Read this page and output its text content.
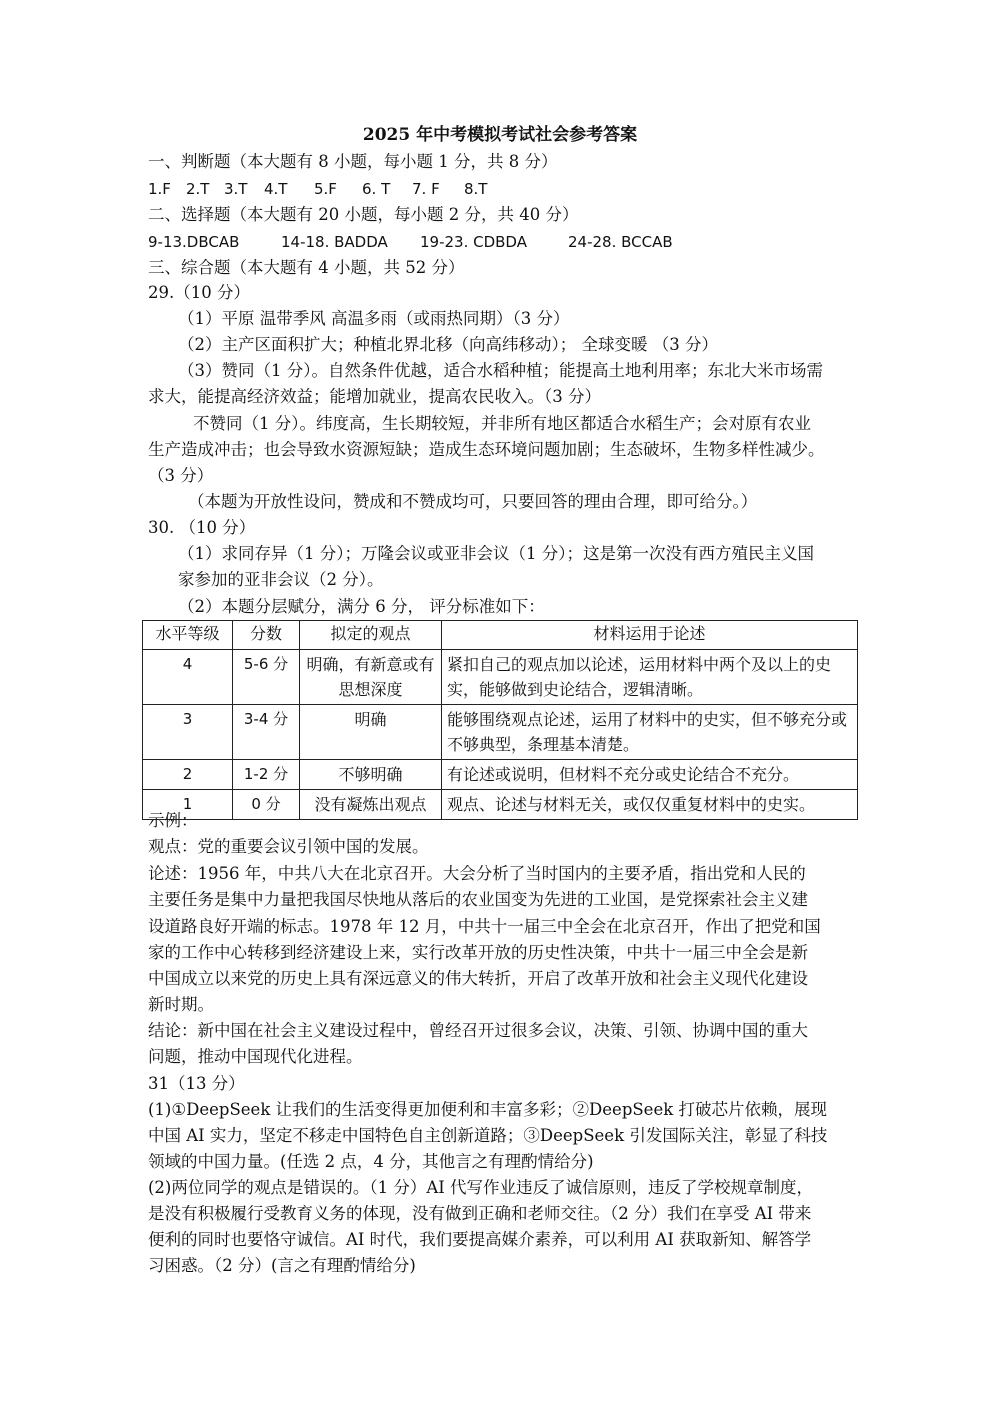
2025 年中考模拟考试社会参考答案
一、判断题（本大题有 8 小题，每小题 1 分，共 8 分）
1.F 2.T 3.T 4.T 5.F 6. T 7. F 8.T
二、选择题（本大题有 20 小题，每小题 2 分，共 40 分）
9-13.DBCAB	14-18. BADDA 19-23. CDBDA	24-28. BCCAB
三、综合题（本大题有 4 小题，共 52 分）
29.（10 分）
（1）平原 温带季风 高温多雨（或雨热同期）（3 分）
（2）主产区面积扩大；种植北界北移（向高纬移动）； 全球变暖 （3 分）
（3）赞同（1 分）。自然条件优越，适合水稻种植；能提高土地利用率；东北大米市场需
求大，能提高经济效益；能增加就业，提高农民收入。（3 分）
不赞同（1 分）。纬度高，生长期较短，并非所有地区都适合水稻生产；会对原有农业
生产造成冲击；也会导致水资源短缺；造成生态环境问题加剧；生态破坏，生物多样性减少。
（3 分）
（本题为开放性设问，赞成和不赞成均可，只要回答的理由合理，即可给分。）
30. （10 分）
（1）求同存异（1 分）；万隆会议或亚非会议（1 分）；这是第一次没有西方殖民主义国
家参加的亚非会议（2 分）。
（2）本题分层赋分，满分 6 分， 评分标准如下：
水平等级	分数	拟定的观点	材料运用于论述
4	5-6 分	明确，有新意或有思想深度	紧扣自己的观点加以论述，运用材料中两个及以上的史实，能够做到史论结合，逻辑清晰。
3	3-4 分	明确	能够围绕观点论述，运用了材料中的史实，但不够充分或不够典型，条理基本清楚。
2	1-2 分	不够明确	有论述或说明，但材料不充分或史论结合不充分。
1	0 分	没有凝炼出观点	观点、论述与材料无关，或仅仅重复材料中的史实。
示例：
观点：党的重要会议引领中国的发展。
论述：1956 年，中共八大在北京召开。大会分析了当时国内的主要矛盾，指出党和人民的
主要任务是集中力量把我国尽快地从落后的农业国变为先进的工业国，是党探索社会主义建
设道路良好开端的标志。1978 年 12 月，中共十一届三中全会在北京召开，作出了把党和国
家的工作中心转移到经济建设上来，实行改革开放的历史性决策，中共十一届三中全会是新
中国成立以来党的历史上具有深远意义的伟大转折，开启了改革开放和社会主义现代化建设
新时期。
结论：新中国在社会主义建设过程中，曾经召开过很多会议，决策、引领、协调中国的重大
问题，推动中国现代化进程。
31（13 分）
(1)①DeepSeek 让我们的生活变得更加便利和丰富多彩；②DeepSeek 打破芯片依赖，展现
中国 AI 实力，坚定不移走中国特色自主创新道路；③DeepSeek 引发国际关注，彰显了科技
领域的中国力量。(任选 2 点，4 分，其他言之有理酌情给分)
(2)两位同学的观点是错误的。（1 分）AI 代写作业违反了诚信原则，违反了学校规章制度，
是没有积极履行受教育义务的体现，没有做到正确和老师交往。（2 分）我们在享受 AI 带来
便利的同时也要恪守诚信。AI 时代，我们要提高媒介素养，可以利用 AI 获取新知、解答学
习困惑。（2 分）(言之有理酌情给分)
